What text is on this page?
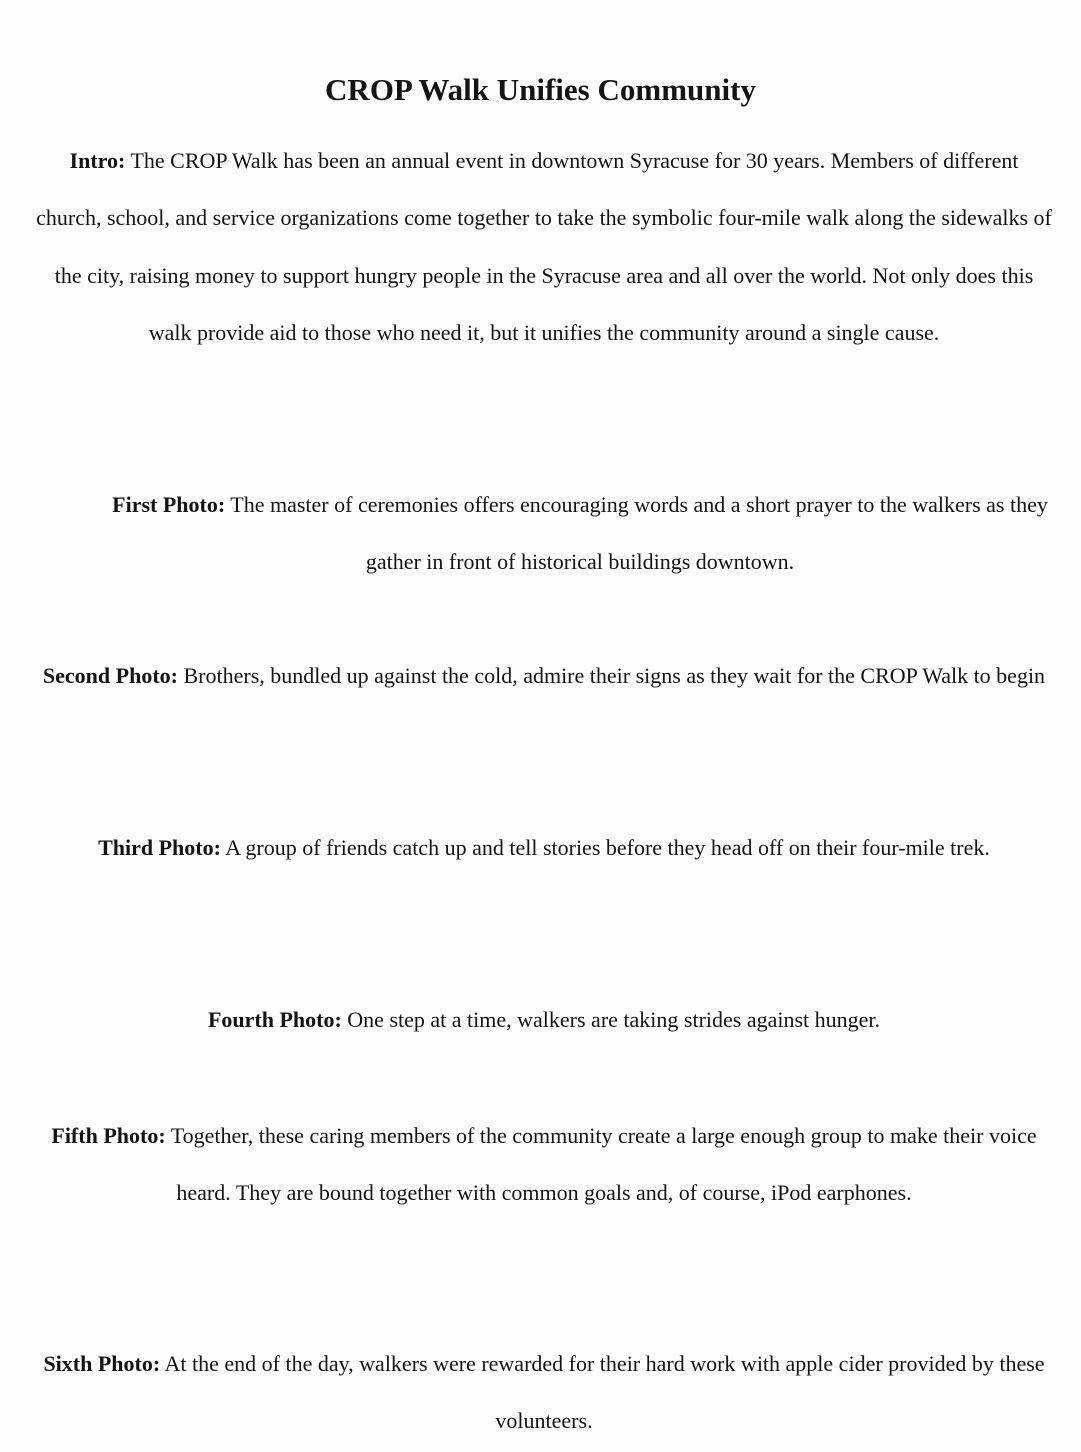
CROP Walk Unifies Community

Intro: The CROP Walk has been an annual event in downtown Syracuse for 30 years. Members of different church, school, and service organizations come together to take the symbolic four-mile walk along the sidewalks of the city, raising money to support hungry people in the Syracuse area and all over the world. Not only does this walk provide aid to those who need it, but it unifies the community around a single cause.

First Photo: The master of ceremonies offers encouraging words and a short prayer to the walkers as they gather in front of historical buildings downtown.

Second Photo: Brothers, bundled up against the cold, admire their signs as they wait for the CROP Walk to begin

Third Photo: A group of friends catch up and tell stories before they head off on their four-mile trek.

Fourth Photo: One step at a time, walkers are taking strides against hunger.

Fifth Photo: Together, these caring members of the community create a large enough group to make their voice heard. They are bound together with common goals and, of course, iPod earphones.

Sixth Photo: At the end of the day, walkers were rewarded for their hard work with apple cider provided by these volunteers.
